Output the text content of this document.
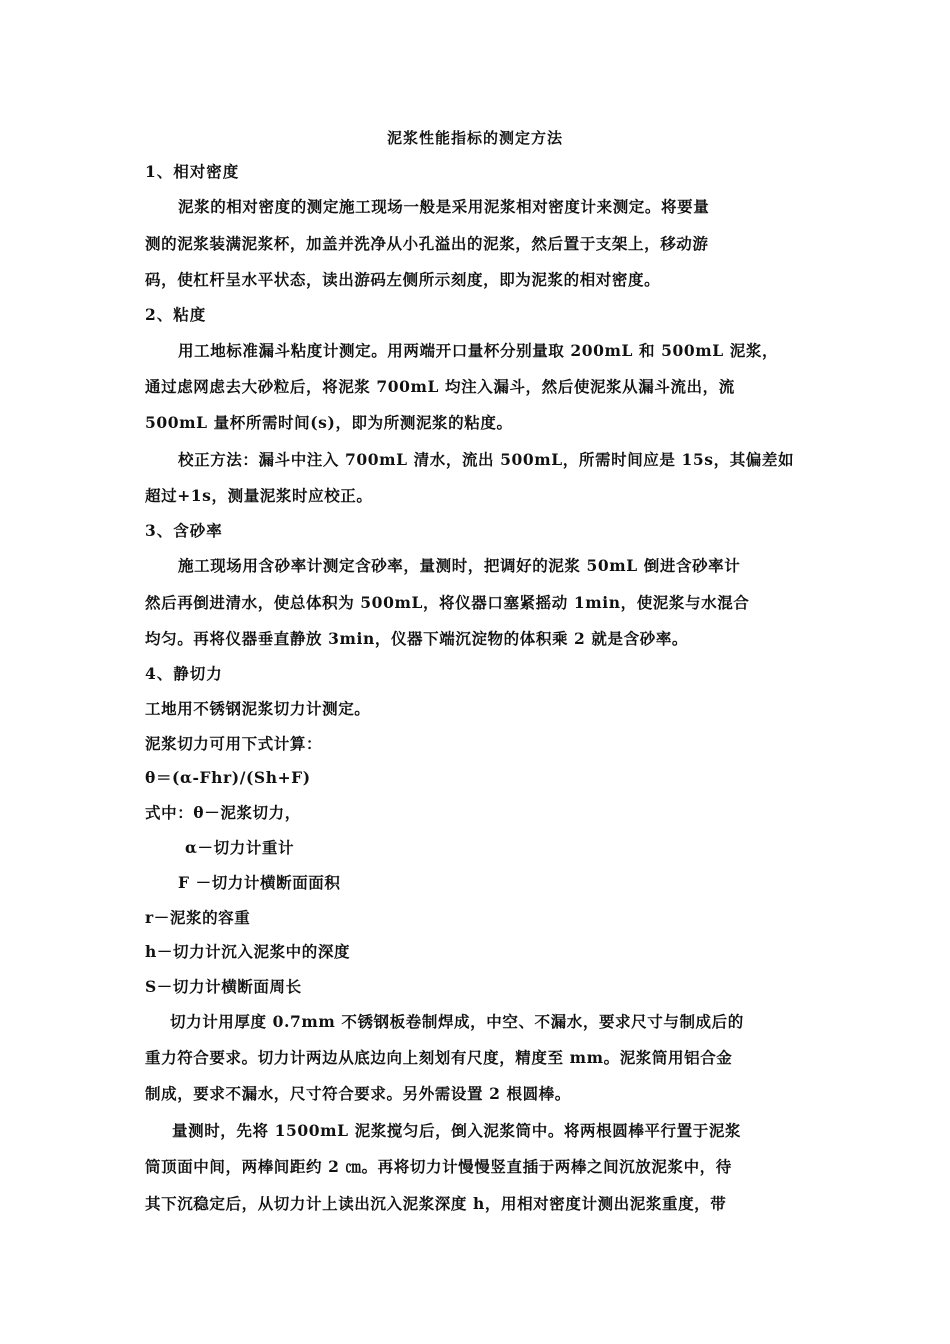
泥浆性能指标的测定方法
1、相对密度
泥浆的相对密度的测定施工现场一般是采用泥浆相对密度计来测定。将要量
测的泥浆装满泥浆杯，加盖并洗净从小孔溢出的泥浆，然后置于支架上，移动游
码，使杠杆呈水平状态，读出游码左侧所示刻度，即为泥浆的相对密度。
2、粘度
用工地标准漏斗粘度计测定。用两端开口量杯分别量取 200mL 和 500mL 泥浆，
通过虑网虑去大砂粒后，将泥浆 700mL 均注入漏斗，然后使泥浆从漏斗流出，流
500mL 量杯所需时间(s)，即为所测泥浆的粘度。
校正方法：漏斗中注入 700mL 清水，流出 500mL，所需时间应是 15s，其偏差如
超过+1s，测量泥浆时应校正。
3、含砂率
施工现场用含砂率计测定含砂率，量测时，把调好的泥浆 50mL 倒进含砂率计
然后再倒进清水，使总体积为 500mL，将仪器口塞紧摇动 1min，使泥浆与水混合
均匀。再将仪器垂直静放 3min，仪器下端沉淀物的体积乘 2 就是含砂率。
4、静切力
工地用不锈钢泥浆切力计测定。
泥浆切力可用下式计算：
θ＝(α-Fhr)/(Sh+F)
式中：θ－泥浆切力，
α－切力计重计
F －切力计横断面面积
r－泥浆的容重
h－切力计沉入泥浆中的深度
S－切力计横断面周长
切力计用厚度 0.7mm 不锈钢板卷制焊成，中空、不漏水，要求尺寸与制成后的
重力符合要求。切力计两边从底边向上刻划有尺度，精度至 mm。泥浆筒用铝合金
制成，要求不漏水，尺寸符合要求。另外需设置 2 根圆棒。
量测时，先将 1500mL 泥浆搅匀后，倒入泥浆筒中。将两根圆棒平行置于泥浆
筒顶面中间，两棒间距约 2 ㎝。再将切力计慢慢竖直插于两棒之间沉放泥浆中，待
其下沉稳定后，从切力计上读出沉入泥浆深度 h，用相对密度计测出泥浆重度，带
